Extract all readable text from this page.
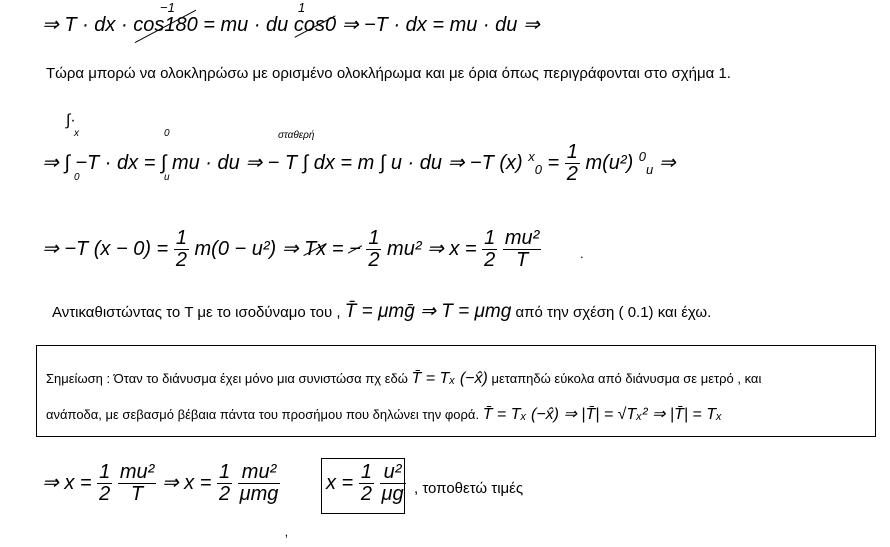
⇒ T · dx · cos180 = mu · du cos0 ⇒ −T · dx = mu · du ⇒
−1	1
Τώρα μπορώ να ολοκληρώσω με ορισμένο ολοκλήρωμα και με όρια όπως περιγράφονται στο σχήμα 1.
∫·
⇒ ∫ −T · dx = ∫ mu · du ⇒ − T ∫ dx = m ∫ u · du ⇒ −T (x) $^x_0 = \frac{1}{2} m(u^2)$ $^0_u$ ⇒
x
0
0
u
σταθερή
⇒ −T $(x - 0) = \frac{1}{2} m(0 - u^2)$ ⇒ Tx = − $\frac{1}{2} mu^2$ ⇒ $x = \frac{1}{2}$
$\frac{\text{mu²}}{T}$	.
Αντικαθιστώντας το T με το ισοδύναμο του , T̄ = μmḡ ⇒ T = μmg από την σχέση ( 0.1) και έχω.
Σημείωση : Όταν το διάνυσμα έχει μόνο μια συνιστώσα πχ εδώ T̄ = Tₓ (−x̂) μεταπηδώ εύκολα από διάνυσμα σε μετρό , και
ανάποδα, με σεβασμό βέβαια πάντα του προσήμου που δηλώνει την φορά. T̄ = Tₓ (−x̂) ⇒ |T̄| = √Tₓ² ⇒ |T̄| = Tₓ
⇒ $x = \frac{1}{2}$
$\frac{\text{mu²}}{T}$ ⇒ $x = \frac{1}{2}$
$\frac{\text{mu²}}{\text{μmg}}$ $x = \frac{1}{2}$
$\frac{\text{u²}}{\mu g}$ , τοποθετώ τιμές
ʼ
